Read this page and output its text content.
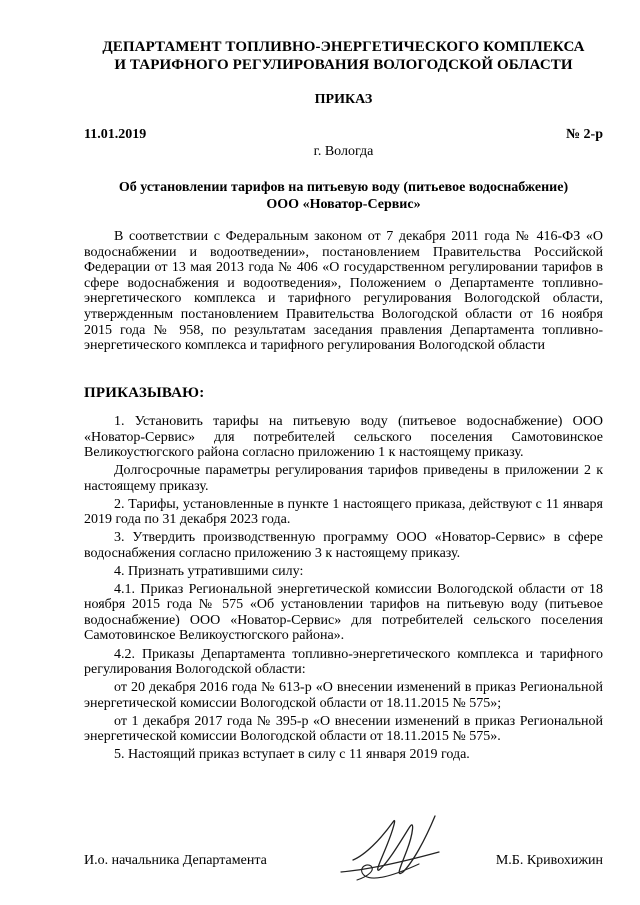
ДЕПАРТАМЕНТ ТОПЛИВНО-ЭНЕРГЕТИЧЕСКОГО КОМПЛЕКСА
И ТАРИФНОГО РЕГУЛИРОВАНИЯ ВОЛОГОДСКОЙ ОБЛАСТИ
ПРИКАЗ
11.01.2019	№ 2-р
г. Вологда
Об установлении тарифов на питьевую воду (питьевое водоснабжение)
ООО «Новатор-Сервис»
В соответствии с Федеральным законом от 7 декабря 2011 года № 416-ФЗ «О водоснабжении и водоотведении», постановлением Правительства Российской Федерации от 13 мая 2013 года № 406 «О государственном регулировании тарифов в сфере водоснабжения и водоотведения», Положением о Департаменте топливно-энергетического комплекса и тарифного регулирования Вологодской области, утвержденным постановлением Правительства Вологодской области от 16 ноября 2015 года № 958, по результатам заседания правления Департамента топливно-энергетического комплекса и тарифного регулирования Вологодской области
ПРИКАЗЫВАЮ:

1. Установить тарифы на питьевую воду (питьевое водоснабжение) ООО «Новатор-Сервис» для потребителей сельского поселения Самотовинское Великоустюгского района согласно приложению 1 к настоящему приказу.

Долгосрочные параметры регулирования тарифов приведены в приложении 2 к настоящему приказу.

2. Тарифы, установленные в пункте 1 настоящего приказа, действуют с 11 января 2019 года по 31 декабря 2023 года.

3. Утвердить производственную программу ООО «Новатор-Сервис» в сфере водоснабжения согласно приложению 3 к настоящему приказу.

4. Признать утратившими силу:

4.1. Приказ Региональной энергетической комиссии Вологодской области от 18 ноября 2015 года № 575 «Об установлении тарифов на питьевую воду (питьевое водоснабжение) ООО «Новатор-Сервис» для потребителей сельского поселения Самотовинское Великоустюгского района».

4.2. Приказы Департамента топливно-энергетического комплекса и тарифного регулирования Вологодской области:

от 20 декабря 2016 года № 613-р «О внесении изменений в приказ Региональной энергетической комиссии Вологодской области от 18.11.2015 № 575»;

от 1 декабря 2017 года № 395-р «О внесении изменений в приказ Региональной энергетической комиссии Вологодской области от 18.11.2015 № 575».

5. Настоящий приказ вступает в силу с 11 января 2019 года.

И.о. начальника Департамента	М.Б. Кривохижин
